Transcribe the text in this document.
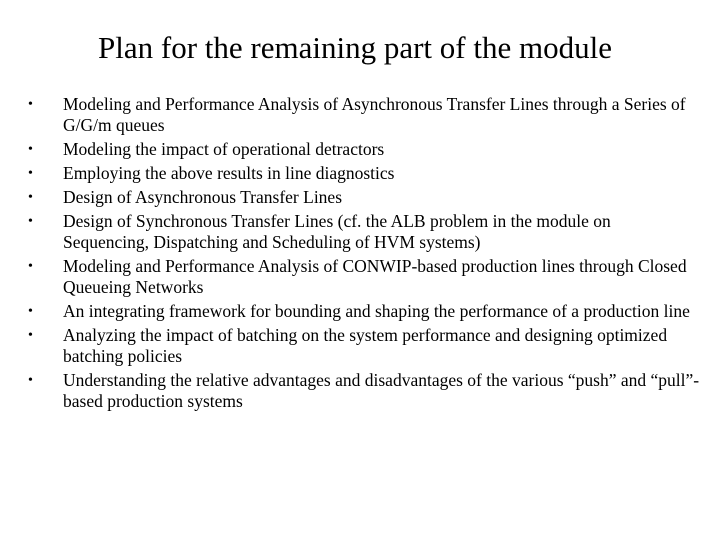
Plan for the remaining part of the module
•	Modeling and Performance Analysis of Asynchronous Transfer Lines through a Series of G/G/m queues
•	Modeling the impact of operational detractors
•	Employing the above results in line diagnostics
•	Design of Asynchronous Transfer Lines
•	Design of Synchronous Transfer Lines (cf. the ALB problem in the module on Sequencing, Dispatching and Scheduling of HVM systems)
•	Modeling and Performance Analysis of CONWIP-based production lines through Closed Queueing Networks
•	An integrating framework for bounding and shaping the performance of a production line
•	Analyzing the impact of batching on the system performance and designing optimized batching policies
•	Understanding the relative advantages and disadvantages of the various “push” and “pull”-based production systems
